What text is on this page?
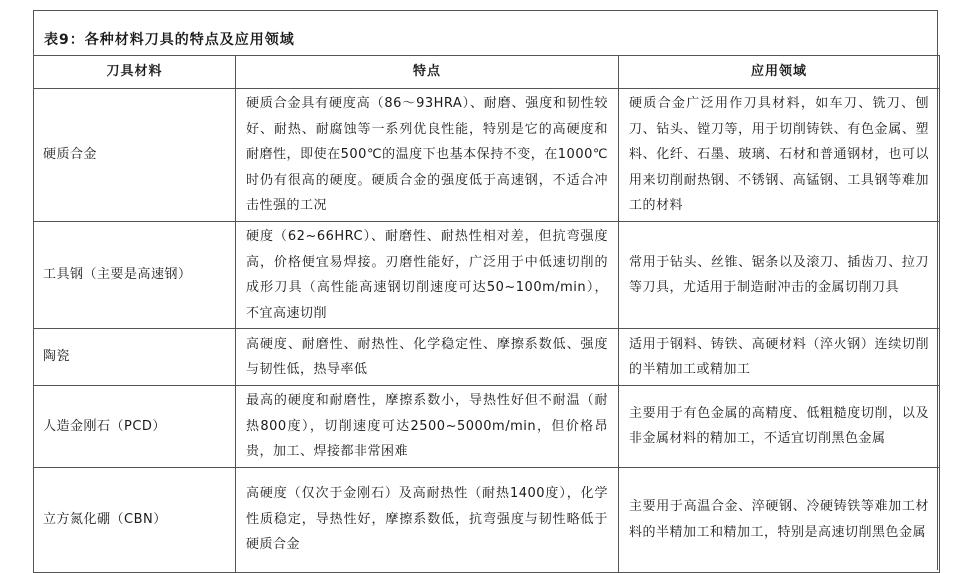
表9：各种材料刀具的特点及应用领域
刀具材料	特点	应用领域
硬质合金	硬质合金具有硬度高（86～93HRA）、耐磨、强度和韧性较好、耐热、耐腐蚀等一系列优良性能，特别是它的高硬度和耐磨性，即使在500℃的温度下也基本保持不变，在1000℃时仍有很高的硬度。硬质合金的强度低于高速钢，不适合冲击性强的工况	硬质合金广泛用作刀具材料，如车刀、铣刀、刨刀、钻头、镗刀等，用于切削铸铁、有色金属、塑料、化纤、石墨、玻璃、石材和普通钢材，也可以用来切削耐热钢、不锈钢、高锰钢、工具钢等难加工的材料
工具钢（主要是高速钢）	硬度（62~66HRC）、耐磨性、耐热性相对差，但抗弯强度高，价格便宜易焊接。刃磨性能好，广泛用于中低速切削的成形刀具（高性能高速钢切削速度可达50~100m/min），不宜高速切削	常用于钻头、丝锥、锯条以及滚刀、插齿刀、拉刀等刀具，尤适用于制造耐冲击的金属切削刀具
陶瓷	高硬度、耐磨性、耐热性、化学稳定性、摩擦系数低、强度与韧性低，热导率低	适用于钢料、铸铁、高硬材料（淬火钢）连续切削的半精加工或精加工
人造金刚石（PCD）	最高的硬度和耐磨性，摩擦系数小，导热性好但不耐温（耐热800度），切削速度可达2500~5000m/min，但价格昂贵，加工、焊接都非常困难	主要用于有色金属的高精度、低粗糙度切削，以及非金属材料的精加工，不适宜切削黑色金属
立方氮化硼（CBN）	高硬度（仅次于金刚石）及高耐热性（耐热1400度），化学性质稳定，导热性好，摩擦系数低，抗弯强度与韧性略低于硬质合金	主要用于高温合金、淬硬钢、冷硬铸铁等难加工材料的半精加工和精加工，特别是高速切削黑色金属
